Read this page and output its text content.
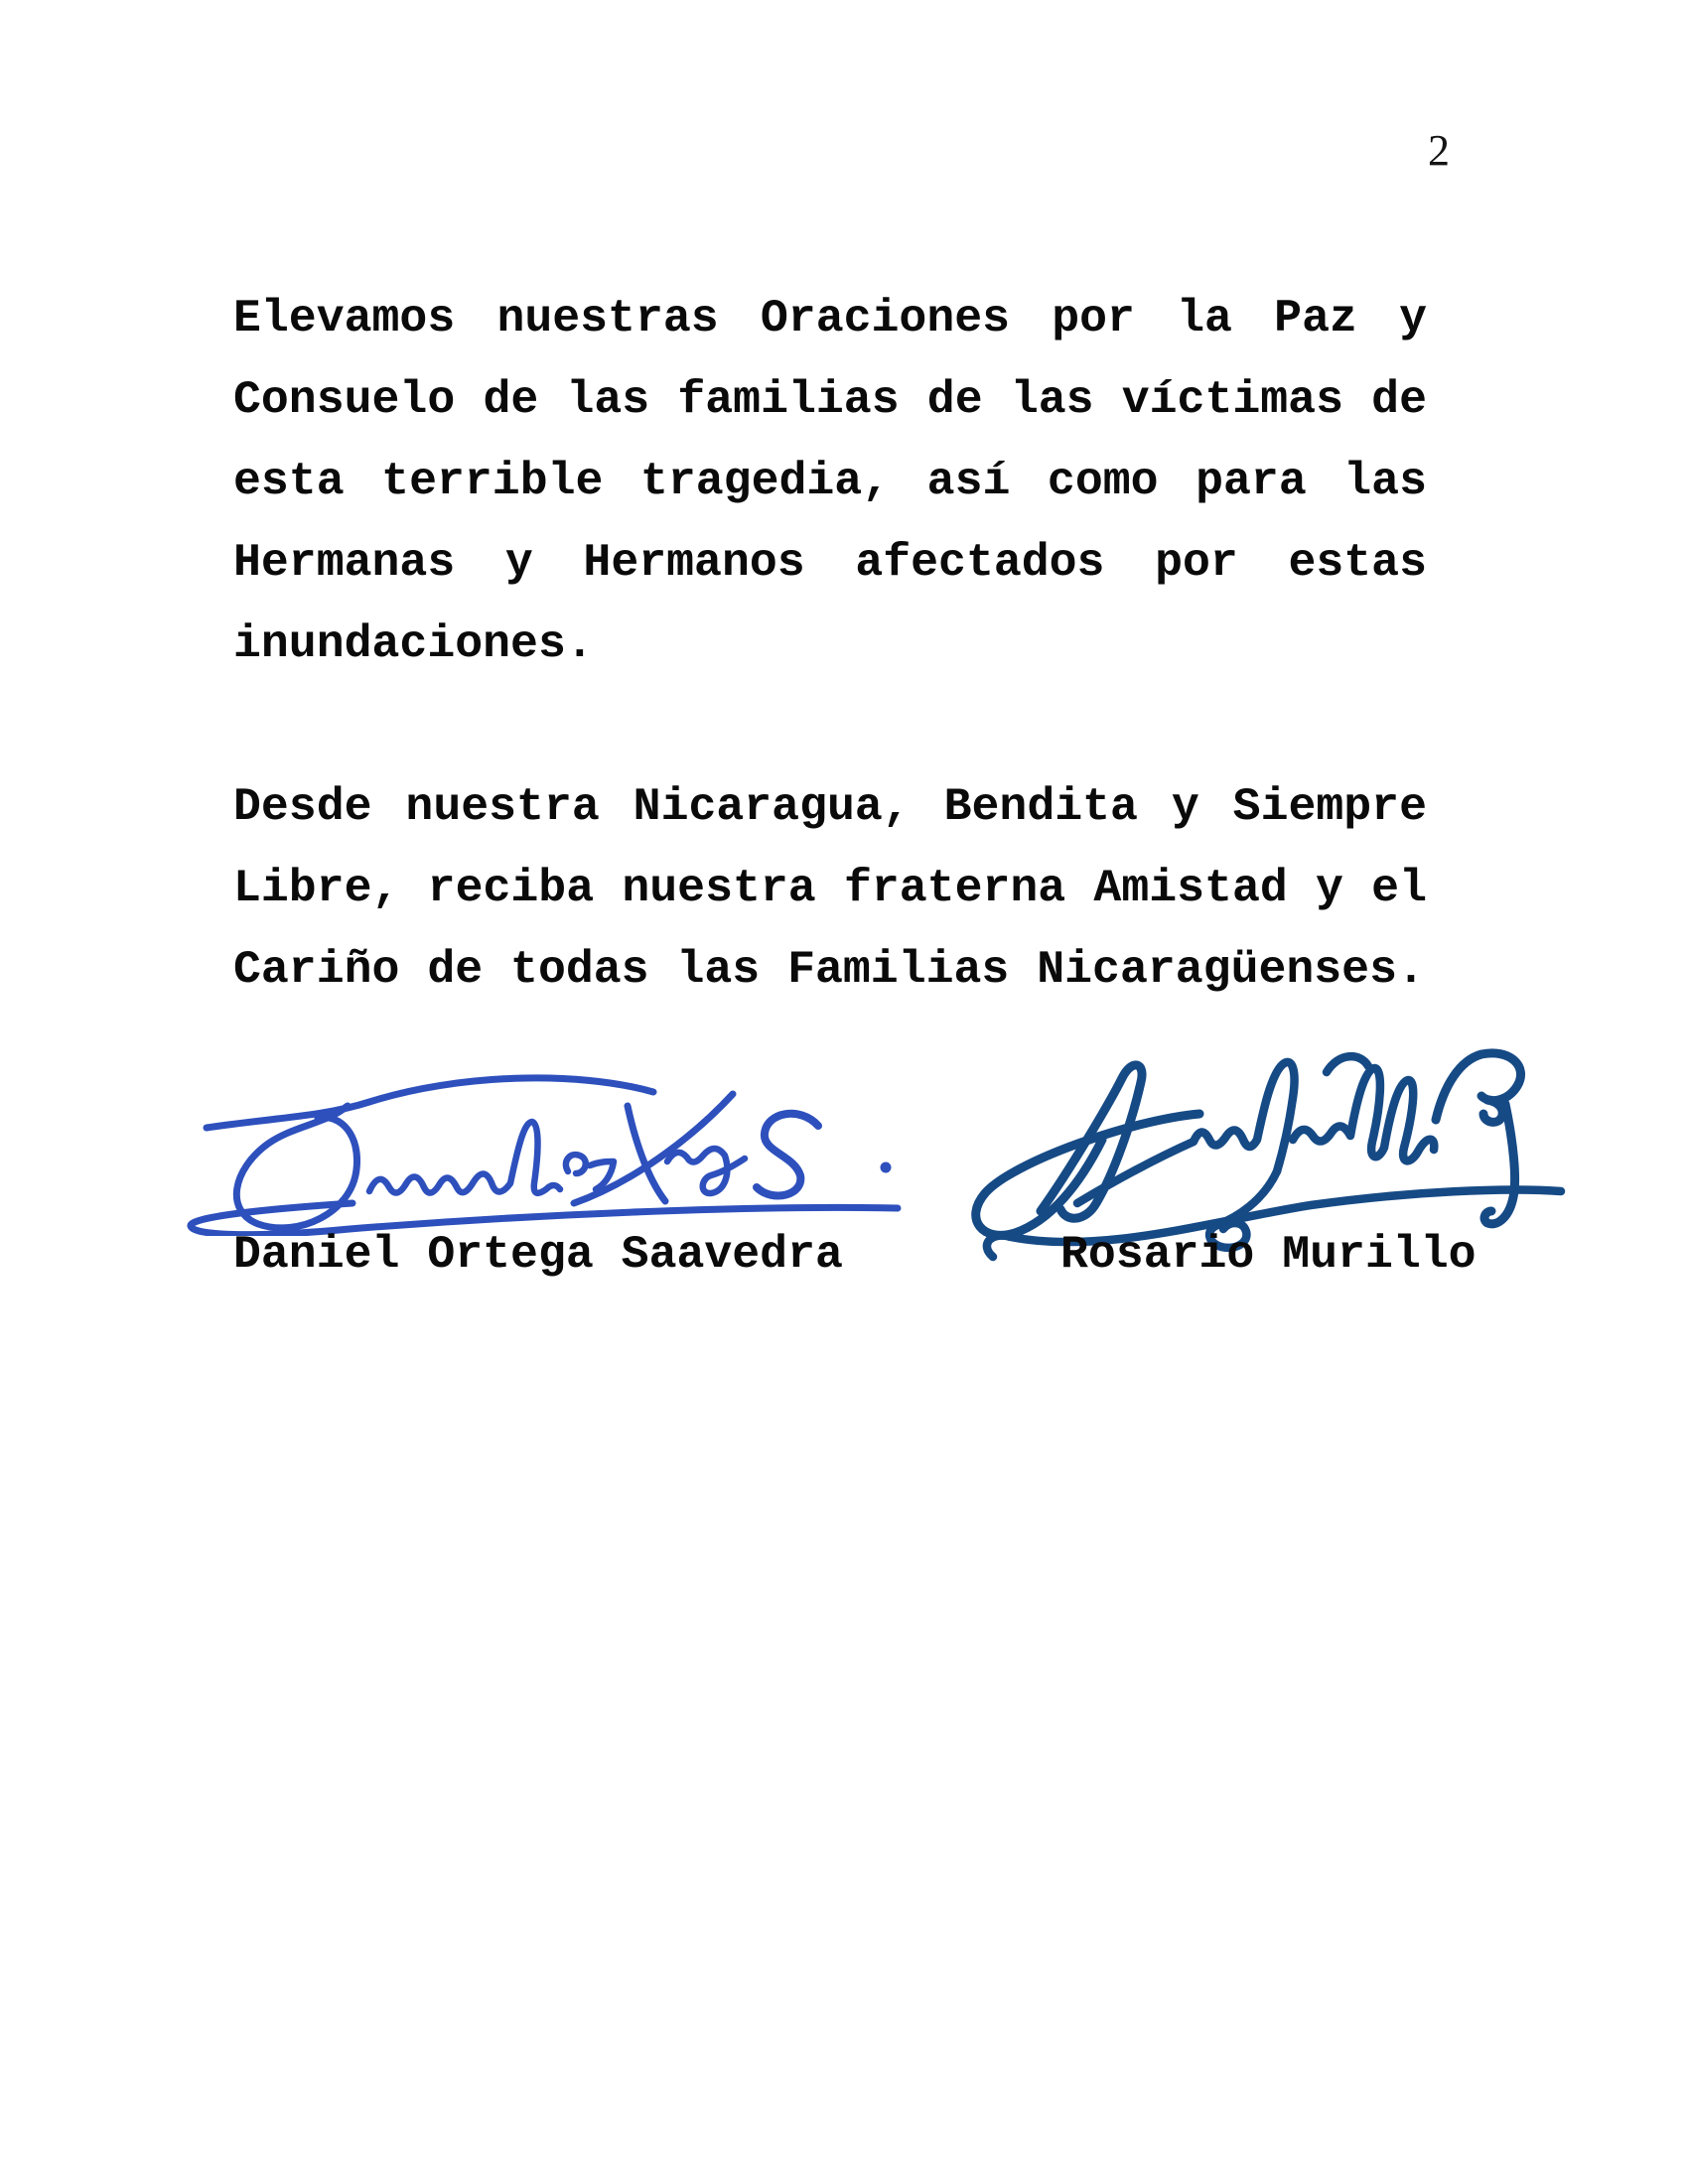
2
Elevamos nuestras Oraciones por la Paz y
Consuelo de las familias de las víctimas de
esta terrible tragedia, así como para las
Hermanas y Hermanos afectados por estas
inundaciones.
Desde nuestra Nicaragua, Bendita y Siempre
Libre, reciba nuestra fraterna Amistad y el
Cariño de todas las Familias Nicaragüenses.
Daniel Ortega Saavedra	Rosario Murillo
